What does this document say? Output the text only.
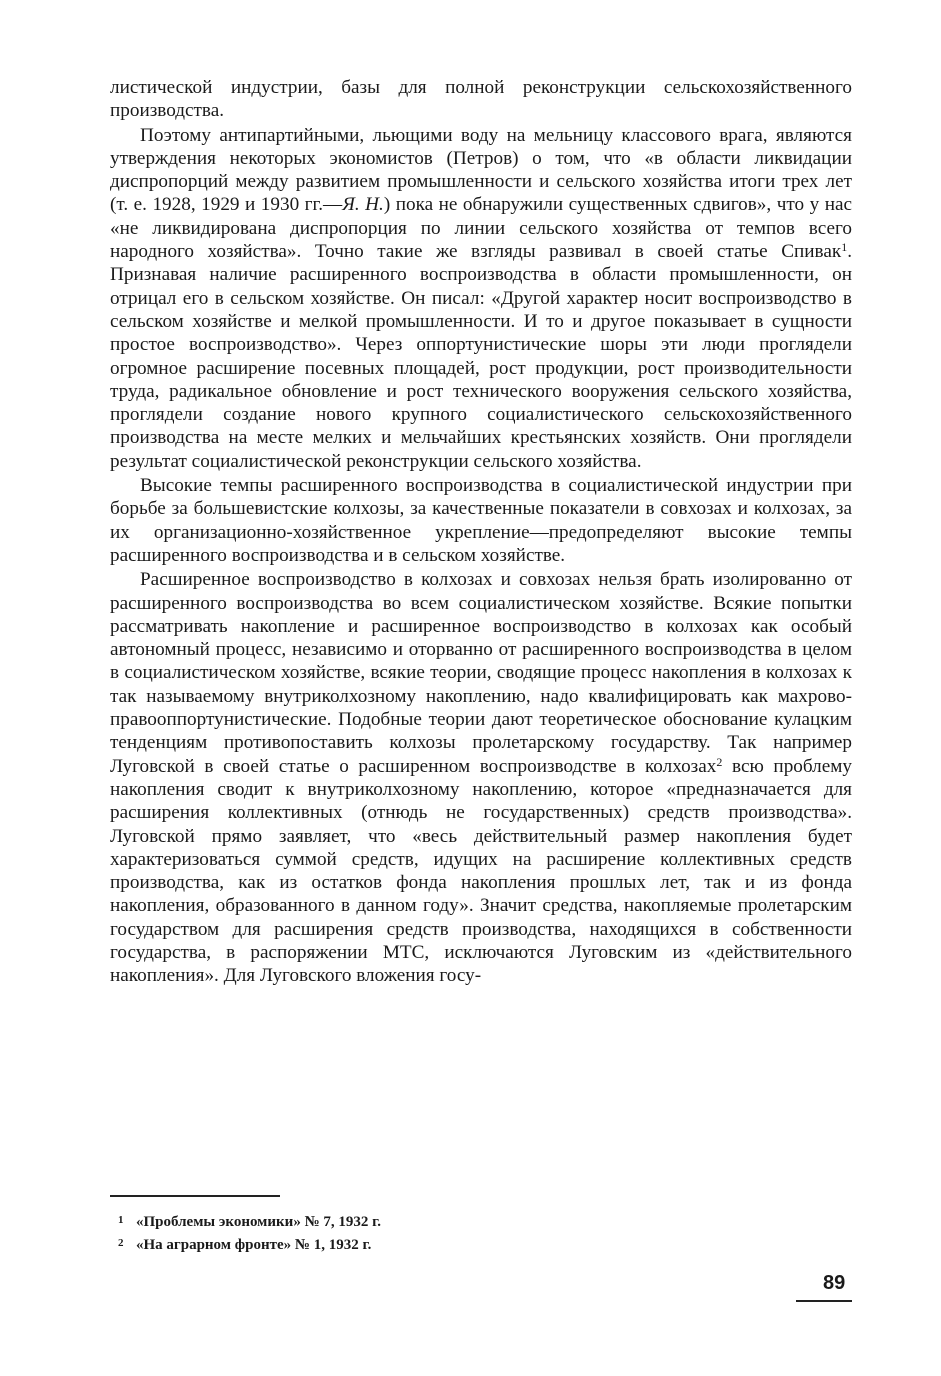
листической индустрии, базы для полной реконструкции сельскохозяйственного производства.

Поэтому антипартийными, льющими воду на мельницу классового врага, являются утверждения некоторых экономистов (Петров) о том, что «в области ликвидации диспропорций между развитием промышленности и сельского хозяйства итоги трех лет (т. е. 1928, 1929 и 1930 гг.—Я. Н.) пока не обнаружили существенных сдвигов», что у нас «не ликвидирована диспропорция по линии сельского хозяйства от темпов всего народного хозяйства». Точно такие же взгляды развивал в своей статье Спивак$^1$. Признавая наличие расширенного воспроизводства в области промышленности, он отрицал его в сельском хозяйстве. Он писал: «Другой характер носит воспроизводство в сельском хозяйстве и мелкой промышленности. И то и другое показывает в сущности простое воспроизводство». Через оппортунистические шоры эти люди проглядели огромное расширение посевных площадей, рост продукции, рост производительности труда, радикальное обновление и рост технического вооружения сельского хозяйства, проглядели создание нового крупного социалистического сельскохозяйственного производства на месте мелких и мельчайших крестьянских хозяйств. Они проглядели результат социалистической реконструкции сельского хозяйства.

Высокие темпы расширенного воспроизводства в социалистической индустрии при борьбе за большевистские колхозы, за качественные показатели в совхозах и колхозах, за их организационно-хозяйственное укрепление—предопределяют высокие темпы расширенного воспроизводства и в сельском хозяйстве.

Расширенное воспроизводство в колхозах и совхозах нельзя брать изолированно от расширенного воспроизводства во всем социалистическом хозяйстве. Всякие попытки рассматривать накопление и расширенное воспроизводство в колхозах как особый автономный процесс, независимо и оторванно от расширенного воспроизводства в целом в социалистическом хозяйстве, всякие теории, сводящие процесс накопления в колхозах к так называемому внутриколхозному накоплению, надо квалифицировать как махрово-правооппортунистические. Подобные теории дают теоретическое обоснование кулацким тенденциям противопоставить колхозы пролетарскому государству. Так например Луговской в своей статье о расширенном воспроизводстве в колхозах$^2$ всю проблему накопления сводит к внутриколхозному накоплению, которое «предназначается для расширения коллективных (отнюдь не государственных) средств производства». Луговской прямо заявляет, что «весь действительный размер накопления будет характеризоваться суммой средств, идущих на расширение коллективных средств производства, как из остатков фонда накопления прошлых лет, так и из фонда накопления, образованного в данном году». Значит средства, накопляемые пролетарским государством для расширения средств производства, находящихся в собственности государства, в распоряжении МТС, исключаются Луговским из «действительного накопления». Для Луговского вложения госу-

1 «Проблемы экономики» № 7, 1932 г.
2 «На аграрном фронте» № 1, 1932 г.
89
